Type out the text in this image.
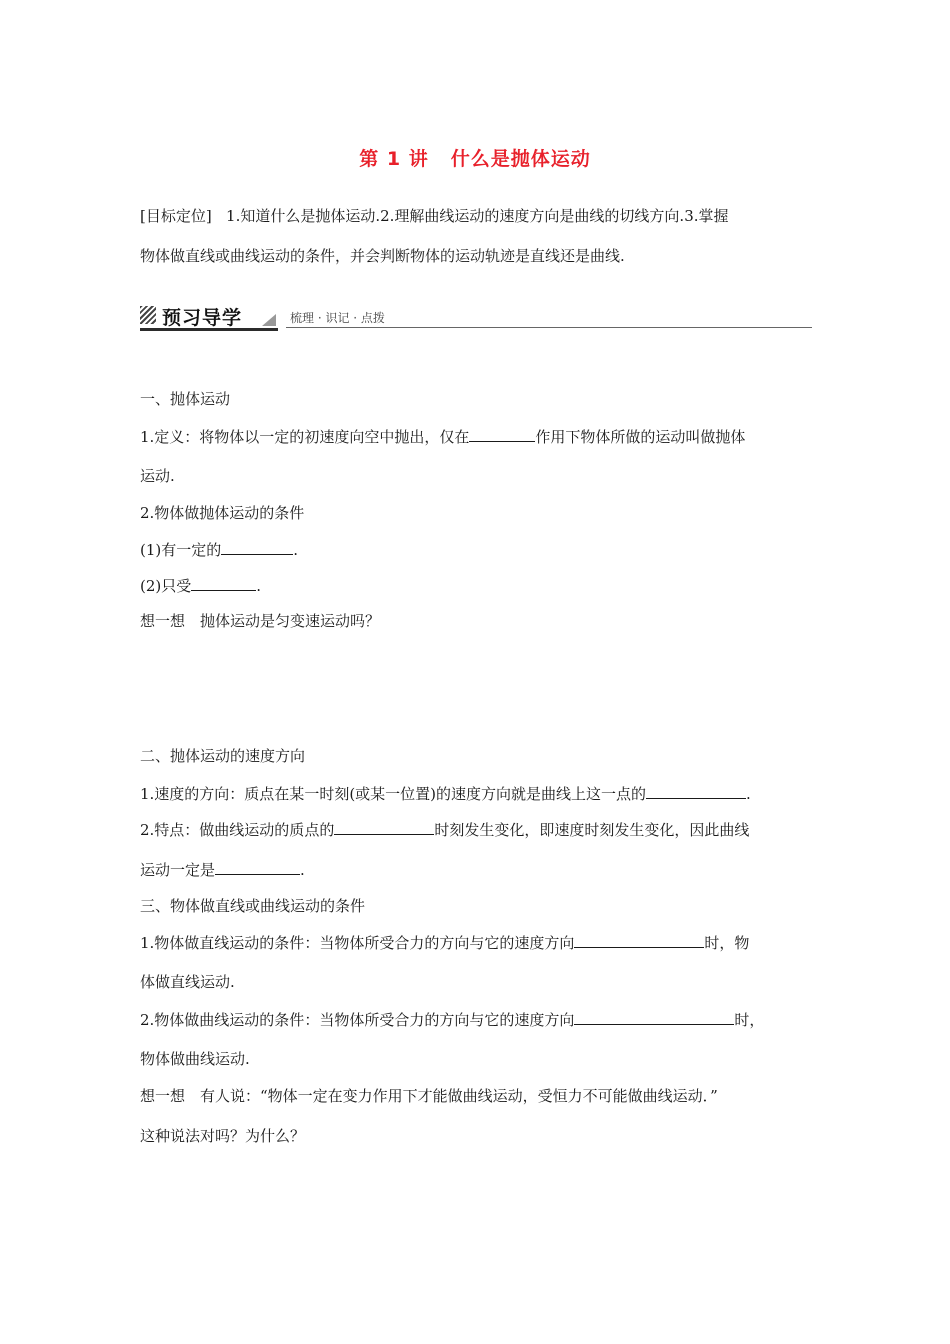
第 1 讲 什么是抛体运动
[目标定位] 1.知道什么是抛体运动.2.理解曲线运动的速度方向是曲线的切线方向.3.掌握
物体做直线或曲线运动的条件，并会判断物体的运动轨迹是直线还是曲线.
预习导学	梳理 · 识记 · 点拨
一、抛体运动
1.定义：将物体以一定的初速度向空中抛出，仅在	作用下物体所做的运动叫做抛体
运动.
2.物体做抛体运动的条件
(1)有一定的	.
(2)只受	.
想一想　抛体运动是匀变速运动吗？
二、抛体运动的速度方向
1.速度的方向：质点在某一时刻(或某一位置)的速度方向就是曲线上这一点的	.
2.特点：做曲线运动的质点的	时刻发生变化，即速度时刻发生变化，因此曲线
运动一定是	.
三、物体做直线或曲线运动的条件
1.物体做直线运动的条件：当物体所受合力的方向与它的速度方向	时，物
体做直线运动.
2.物体做曲线运动的条件：当物体所受合力的方向与它的速度方向	时，
物体做曲线运动.
想一想　有人说：“物体一定在变力作用下才能做曲线运动，受恒力不可能做曲线运动．”
这种说法对吗？为什么？
